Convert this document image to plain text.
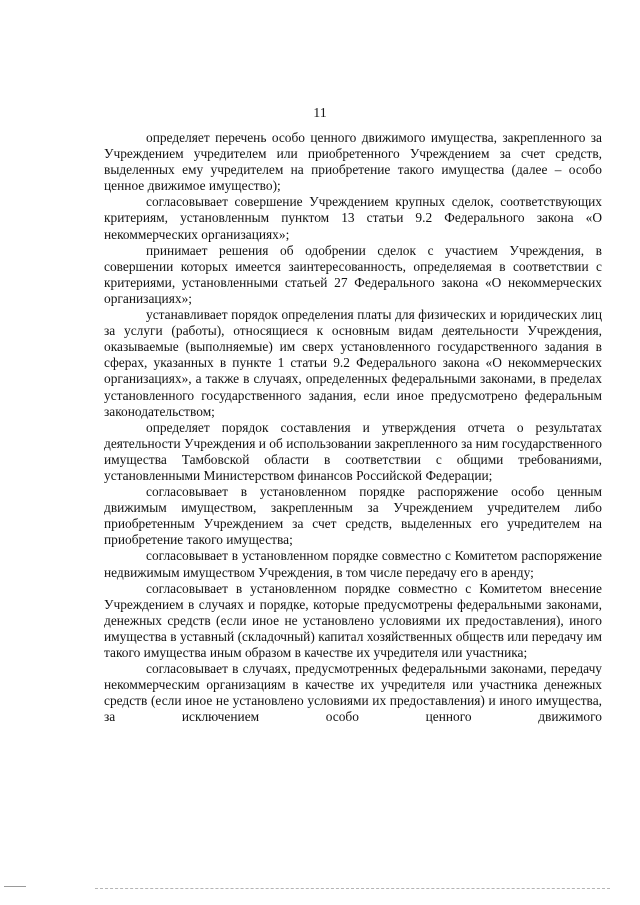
11

определяет перечень особо ценного движимого имущества, закрепленного за Учреждением учредителем или приобретенного Учреждением за счет средств, выделенных ему учредителем на приобретение такого имущества (далее – особо ценное движимое имущество);

согласовывает совершение Учреждением крупных сделок, соответствующих критериям, установленным пунктом 13 статьи 9.2 Федерального закона «О некоммерческих организациях»;

принимает решения об одобрении сделок с участием Учреждения, в совершении которых имеется заинтересованность, определяемая в соответствии с критериями, установленными статьей 27 Федерального закона «О некоммерческих организациях»;

устанавливает порядок определения платы для физических и юридических лиц за услуги (работы), относящиеся к основным видам деятельности Учреждения, оказываемые (выполняемые) им сверх установленного государственного задания в сферах, указанных в пункте 1 статьи 9.2 Федерального закона «О некоммерческих организациях», а также в случаях, определенных федеральными законами, в пределах установленного государственного задания, если иное предусмотрено федеральным законодательством;

определяет порядок составления и утверждения отчета о результатах деятельности Учреждения и об использовании закрепленного за ним государственного имущества Тамбовской области в соответствии с общими требованиями, установленными Министерством финансов Российской Федерации;

согласовывает в установленном порядке распоряжение особо ценным движимым имуществом, закрепленным за Учреждением учредителем либо приобретенным Учреждением за счет средств, выделенных его учредителем на приобретение такого имущества;

согласовывает в установленном порядке совместно с Комитетом распоряжение недвижимым имуществом Учреждения, в том числе передачу его в аренду;

согласовывает в установленном порядке совместно с Комитетом внесение Учреждением в случаях и порядке, которые предусмотрены федеральными законами, денежных средств (если иное не установлено условиями их предоставления), иного имущества в уставный (складочный) капитал хозяйственных обществ или передачу им такого имущества иным образом в качестве их учредителя или участника;

согласовывает в случаях, предусмотренных федеральными законами, передачу некоммерческим организациям в качестве их учредителя или участника денежных средств (если иное не установлено условиями их предоставления) и иного имущества, за исключением особо ценного движимого
